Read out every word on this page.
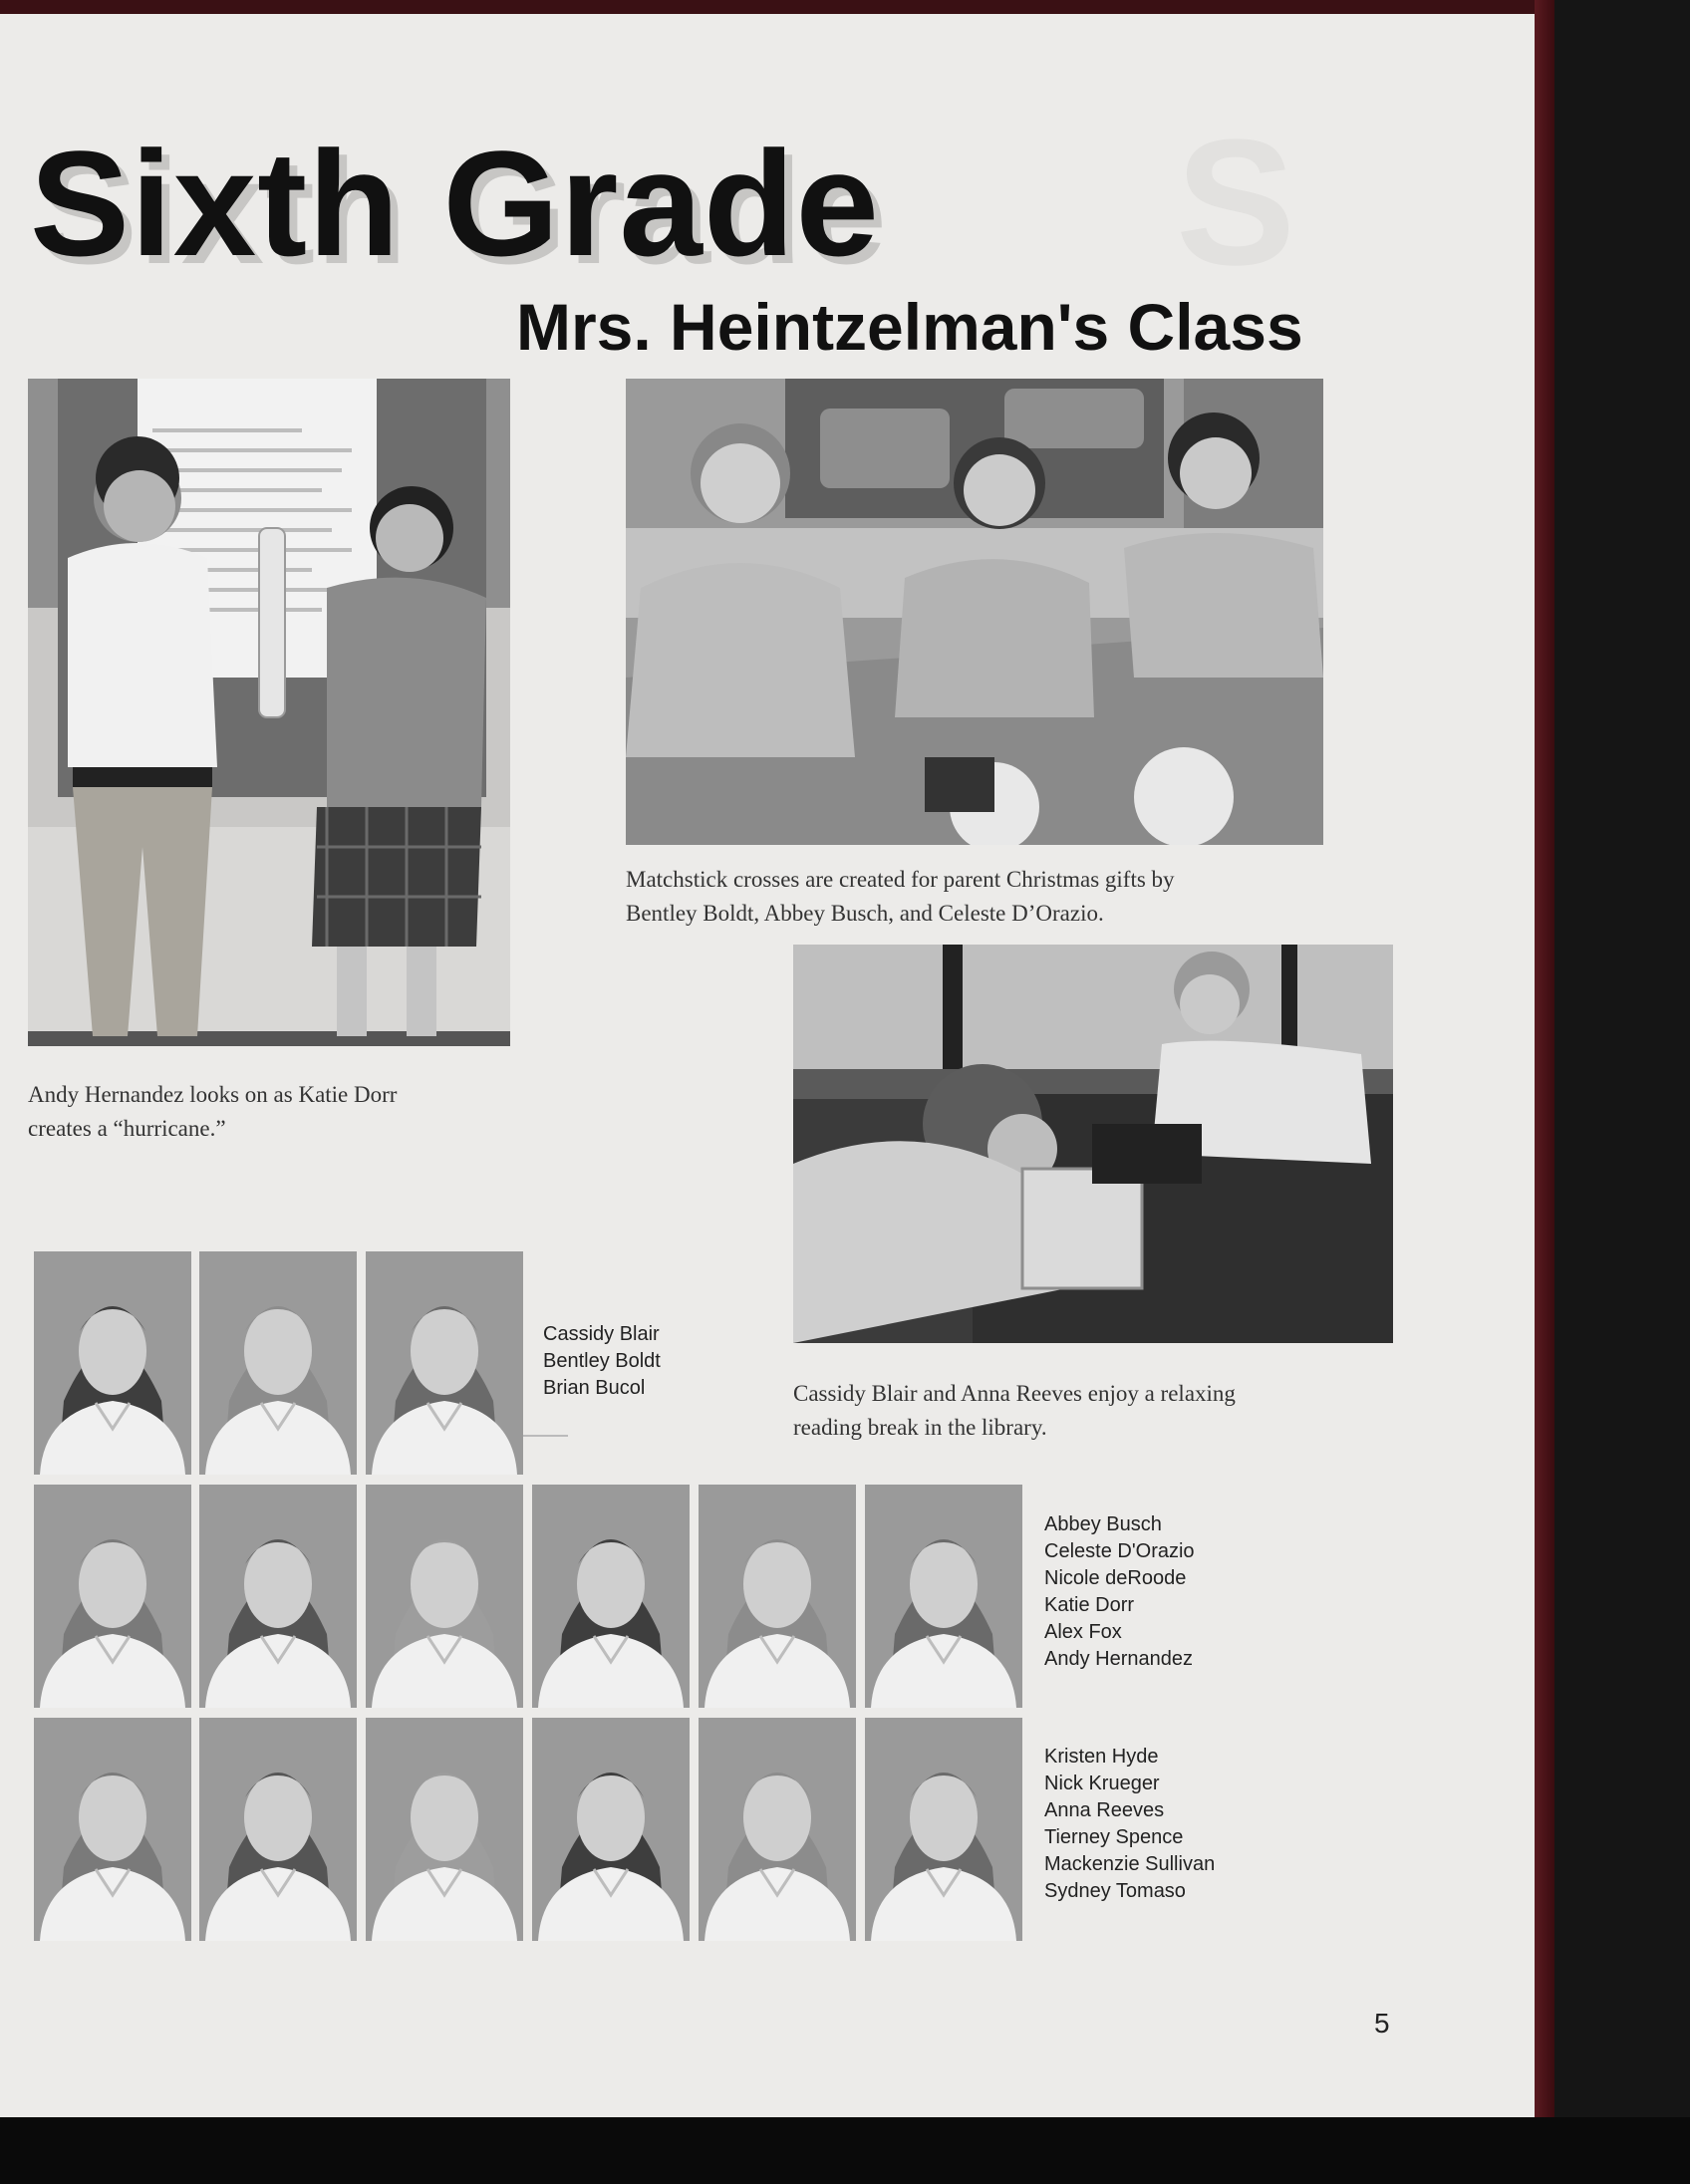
S
Sixth Grade
Mrs. Heintzelman's Class
Andy Hernandez looks on as Katie Dorr
creates a “hurricane.”
Matchstick crosses are created for parent Christmas gifts by
Bentley Boldt, Abbey Busch, and Celeste D’Orazio.
Cassidy Blair and Anna Reeves enjoy a relaxing
reading break in the library.
Cassidy Blair
Bentley Boldt
Brian Bucol
Abbey Busch
Celeste D'Orazio
Nicole deRoode
Katie Dorr
Alex Fox
Andy Hernandez
Kristen Hyde
Nick Krueger
Anna Reeves
Tierney Spence
Mackenzie Sullivan
Sydney Tomaso
5
